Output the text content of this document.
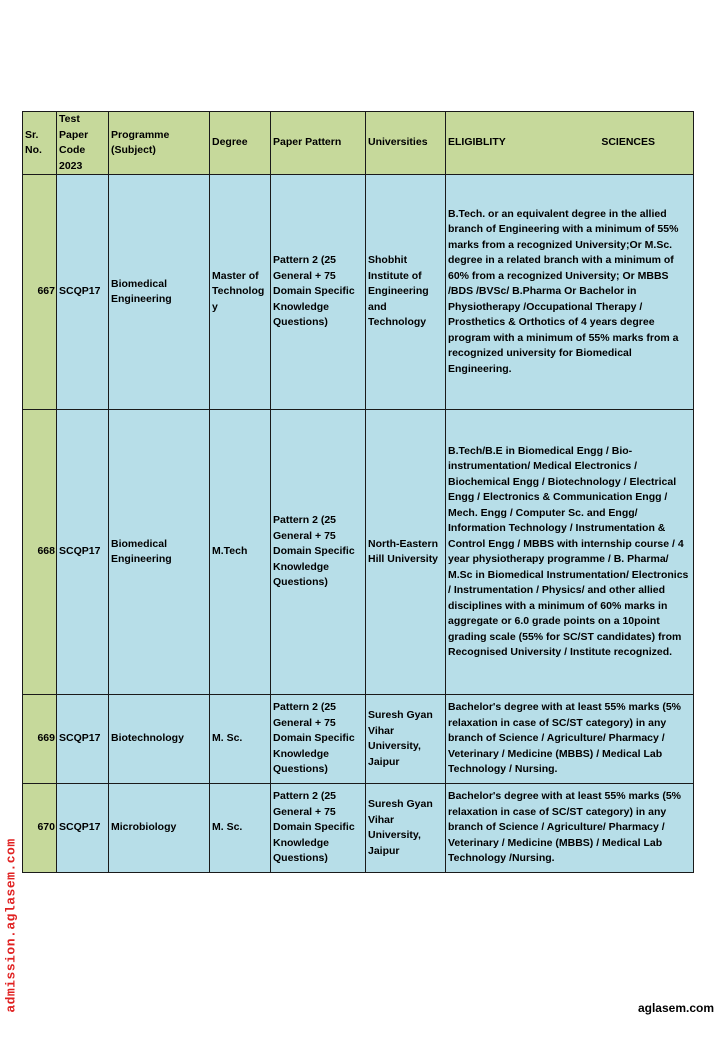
Sr. No.	Test Paper Code 2023	Programme (Subject)	Degree	Paper Pattern	Universities	ELIGIBLITY SCIENCES

667	SCQP17	Biomedical Engineering	Master of Technology	Pattern 2 (25 General + 75 Domain Specific Knowledge Questions)	Shobhit Institute of Engineering and Technology	B.Tech. or an equivalent degree in the allied branch of Engineering with a minimum of 55% marks from a recognized University;Or M.Sc. degree in a related branch with a minimum of 60% from a recognized University; Or MBBS /BDS /BVSc/ B.Pharma Or Bachelor in Physiotherapy /Occupational Therapy / Prosthetics & Orthotics of 4 years degree program with a minimum of 55% marks from a recognized university for Biomedical Engineering.
668	SCQP17	Biomedical Engineering	M.Tech	Pattern 2 (25 General + 75 Domain Specific Knowledge Questions)	North-Eastern Hill University	B.Tech/B.E in Biomedical Engg / Bio-instrumentation/ Medical Electronics / Biochemical Engg / Biotechnology / Electrical Engg / Electronics & Communication Engg / Mech. Engg / Computer Sc. and Engg/ Information Technology / Instrumentation & Control Engg / MBBS with internship course / 4 year physiotherapy programme / B. Pharma/ M.Sc in Biomedical Instrumentation/ Electronics / Instrumentation / Physics/ and other allied disciplines with a minimum of 60% marks in aggregate or 6.0 grade points on a 10point grading scale (55% for SC/ST candidates) from Recognised University / Institute recognized.
669	SCQP17	Biotechnology	M. Sc.	Pattern 2 (25 General + 75 Domain Specific Knowledge Questions)	Suresh Gyan Vihar University, Jaipur	Bachelor's degree with at least 55% marks (5% relaxation in case of SC/ST category) in any branch of Science / Agriculture/ Pharmacy / Veterinary / Medicine (MBBS) / Medical Lab Technology / Nursing.
670	SCQP17	Microbiology	M. Sc.	Pattern 2 (25 General + 75 Domain Specific Knowledge Questions)	Suresh Gyan Vihar University, Jaipur	Bachelor's degree with at least 55% marks (5% relaxation in case of SC/ST category) in any branch of Science / Agriculture/ Pharmacy / Veterinary / Medicine (MBBS) / Medical Lab Technology /Nursing.
admission.aglasem.com	aglasem.com
